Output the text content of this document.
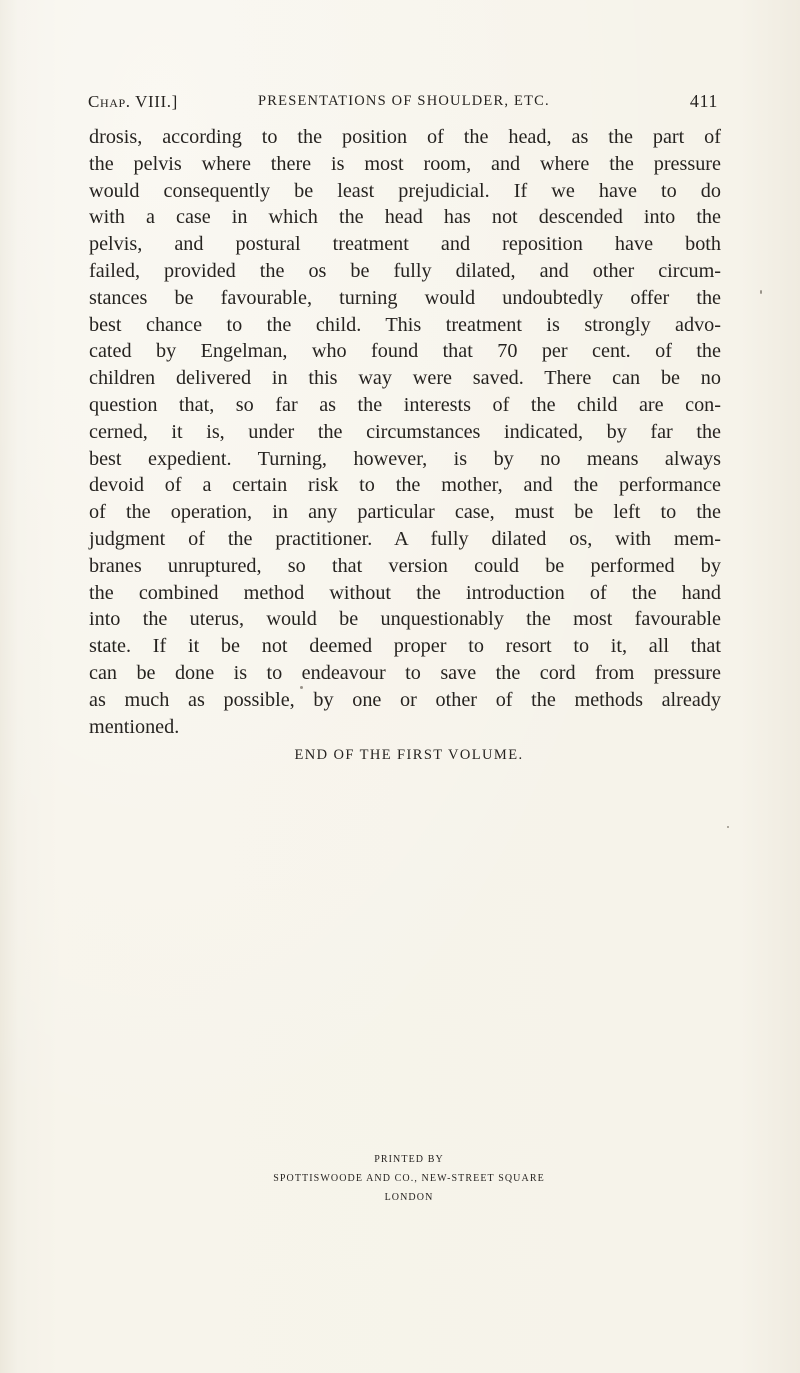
Chap. VIII.]	PRESENTATIONS OF SHOULDER, ETC.	411
drosis, according to the position of the head, as the part of
the pelvis where there is most room, and where the pressure
would consequently be least prejudicial. If we have to do
with a case in which the head has not descended into the
pelvis, and postural treatment and reposition have both
failed, provided the os be fully dilated, and other circum-
stances be favourable, turning would undoubtedly offer the
best chance to the child. This treatment is strongly advo-
cated by Engelman, who found that 70 per cent. of the
children delivered in this way were saved. There can be no
question that, so far as the interests of the child are con-
cerned, it is, under the circumstances indicated, by far the
best expedient. Turning, however, is by no means always
devoid of a certain risk to the mother, and the performance
of the operation, in any particular case, must be left to the
judgment of the practitioner. A fully dilated os, with mem-
branes unruptured, so that version could be performed by
the combined method without the introduction of the hand
into the uterus, would be unquestionably the most favourable
state. If it be not deemed proper to resort to it, all that
can be done is to endeavour to save the cord from pressure
as much as possible, by one or other of the methods already
mentioned.
END OF THE FIRST VOLUME.
PRINTED BY
SPOTTISWOODE AND CO., NEW-STREET SQUARE
LONDON
